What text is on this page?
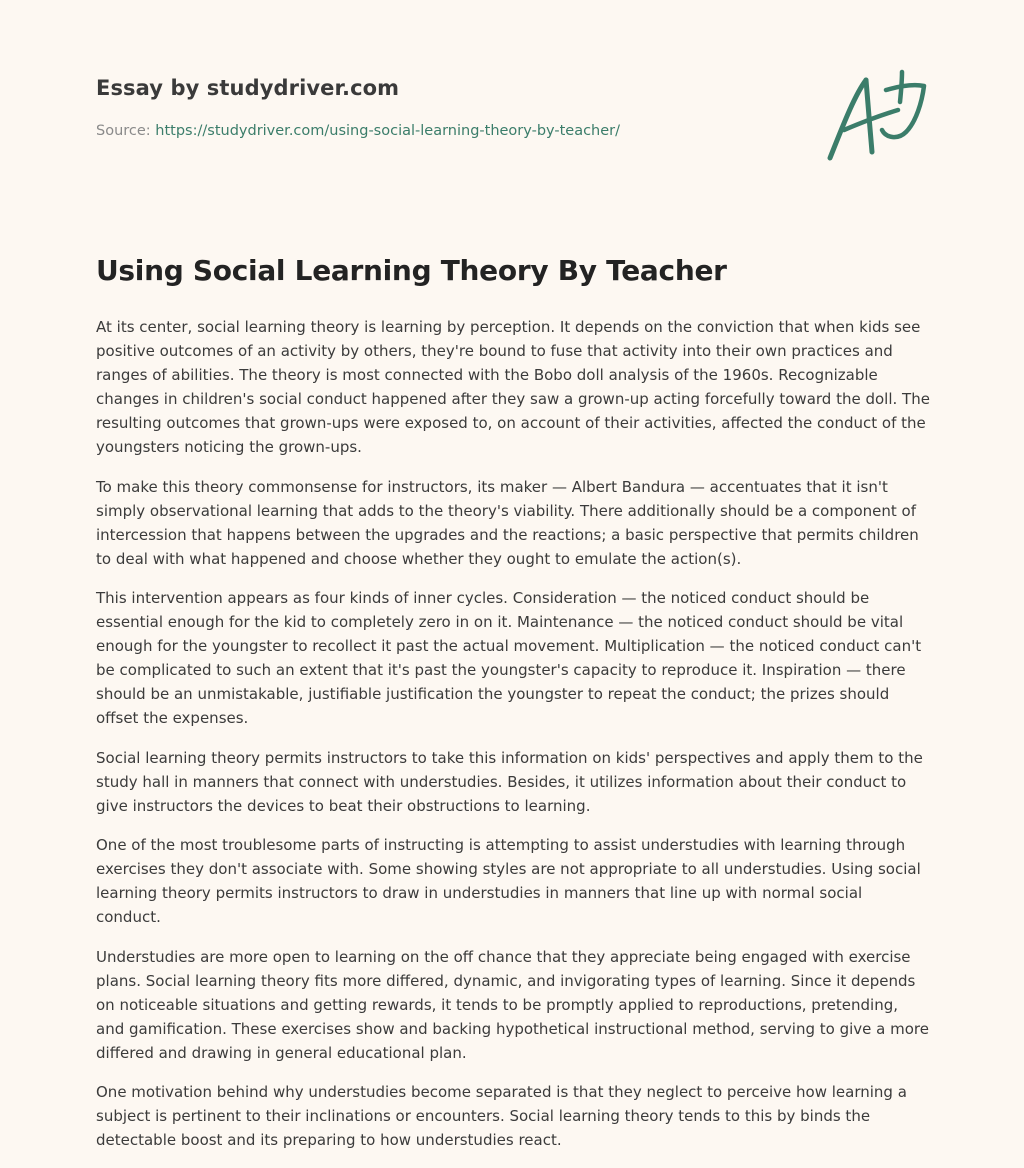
Essay by studydriver.com
Source: https://studydriver.com/using-social-learning-theory-by-teacher/
Using Social Learning Theory By Teacher

At its center, social learning theory is learning by perception. It depends on the conviction that when kids see positive outcomes of an activity by others, they're bound to fuse that activity into their own practices and ranges of abilities. The theory is most connected with the Bobo doll analysis of the 1960s. Recognizable changes in children's social conduct happened after they saw a grown-up acting forcefully toward the doll. The resulting outcomes that grown-ups were exposed to, on account of their activities, affected the conduct of the youngsters noticing the grown-ups.

To make this theory commonsense for instructors, its maker — Albert Bandura — accentuates that it isn't simply observational learning that adds to the theory's viability. There additionally should be a component of intercession that happens between the upgrades and the reactions; a basic perspective that permits children to deal with what happened and choose whether they ought to emulate the action(s).

This intervention appears as four kinds of inner cycles. Consideration — the noticed conduct should be essential enough for the kid to completely zero in on it. Maintenance — the noticed conduct should be vital enough for the youngster to recollect it past the actual movement. Multiplication — the noticed conduct can't be complicated to such an extent that it's past the youngster's capacity to reproduce it. Inspiration — there should be an unmistakable, justifiable justification the youngster to repeat the conduct; the prizes should offset the expenses.

Social learning theory permits instructors to take this information on kids' perspectives and apply them to the study hall in manners that connect with understudies. Besides, it utilizes information about their conduct to give instructors the devices to beat their obstructions to learning.

One of the most troublesome parts of instructing is attempting to assist understudies with learning through exercises they don't associate with. Some showing styles are not appropriate to all understudies. Using social learning theory permits instructors to draw in understudies in manners that line up with normal social conduct.

Understudies are more open to learning on the off chance that they appreciate being engaged with exercise plans. Social learning theory fits more differed, dynamic, and invigorating types of learning. Since it depends on noticeable situations and getting rewards, it tends to be promptly applied to reproductions, pretending, and gamification. These exercises show and backing hypothetical instructional method, serving to give a more differed and drawing in general educational plan.

One motivation behind why understudies become separated is that they neglect to perceive how learning a subject is pertinent to their inclinations or encounters. Social learning theory tends to this by binds the detectable boost and its preparing to how understudies react.
